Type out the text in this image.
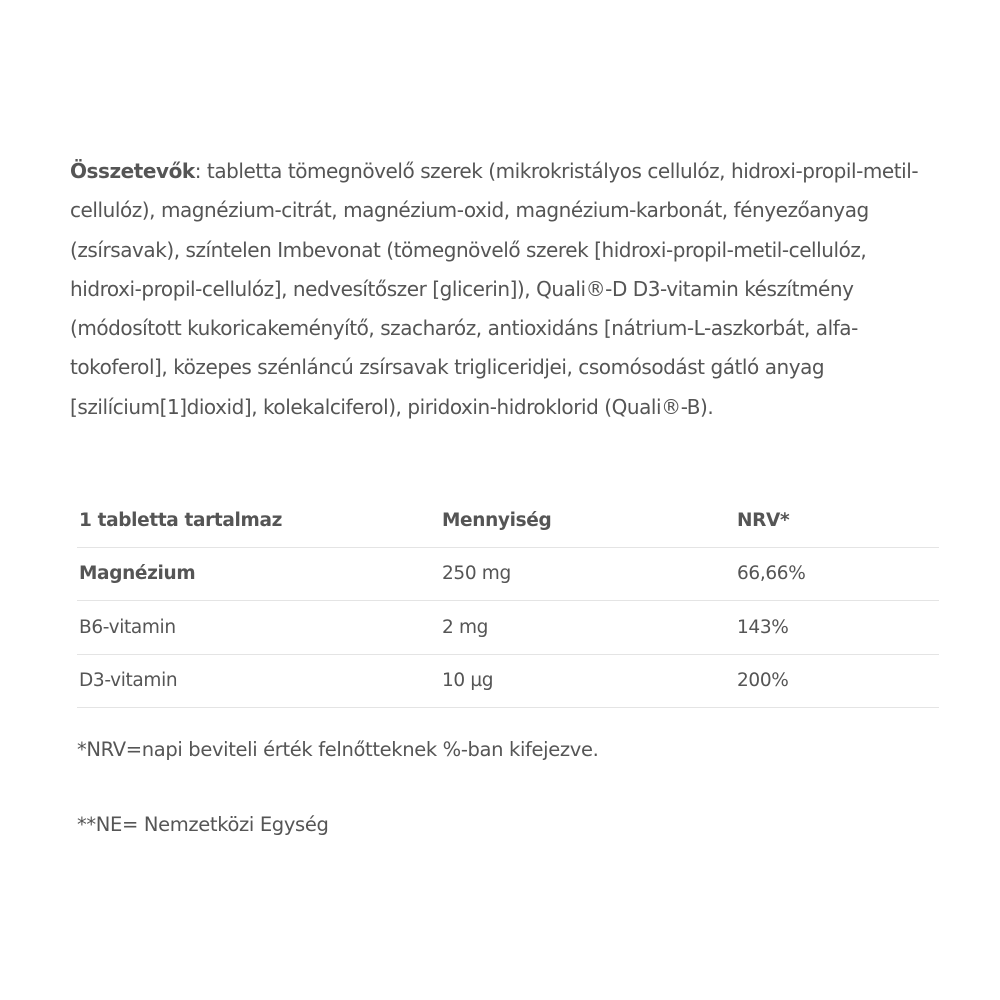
Összetevők: tabletta tömegnövelő szerek (mikrokristályos cellulóz, hidroxi-propil-metil-cellulóz), magnézium-citrát, magnézium-oxid, magnézium-karbonát, fényezőanyag (zsírsavak), színtelen Imbevonat (tömegnövelő szerek [hidroxi-propil-metil-cellulóz, hidroxi-propil-cellulóz], nedvesítőszer [glicerin]), Quali®-D D3-vitamin készítmény (módosított kukoricakeményítő, szacharóz, antioxidáns [nátrium-L-aszkorbát, alfa-tokoferol], közepes szénláncú zsírsavak trigliceridjei, csomósodást gátló anyag [szilícium[1]dioxid], kolekalciferol), piridoxin-hidroklorid (Quali®-B).

1 tabletta tartalmaz	Mennyiség	NRV*
Magnézium	250 mg	66,66%
B6-vitamin	2 mg	143%
D3-vitamin	10 µg	200%

*NRV=napi beviteli érték felnőtteknek %-ban kifejezve.

**NE= Nemzetközi Egység
